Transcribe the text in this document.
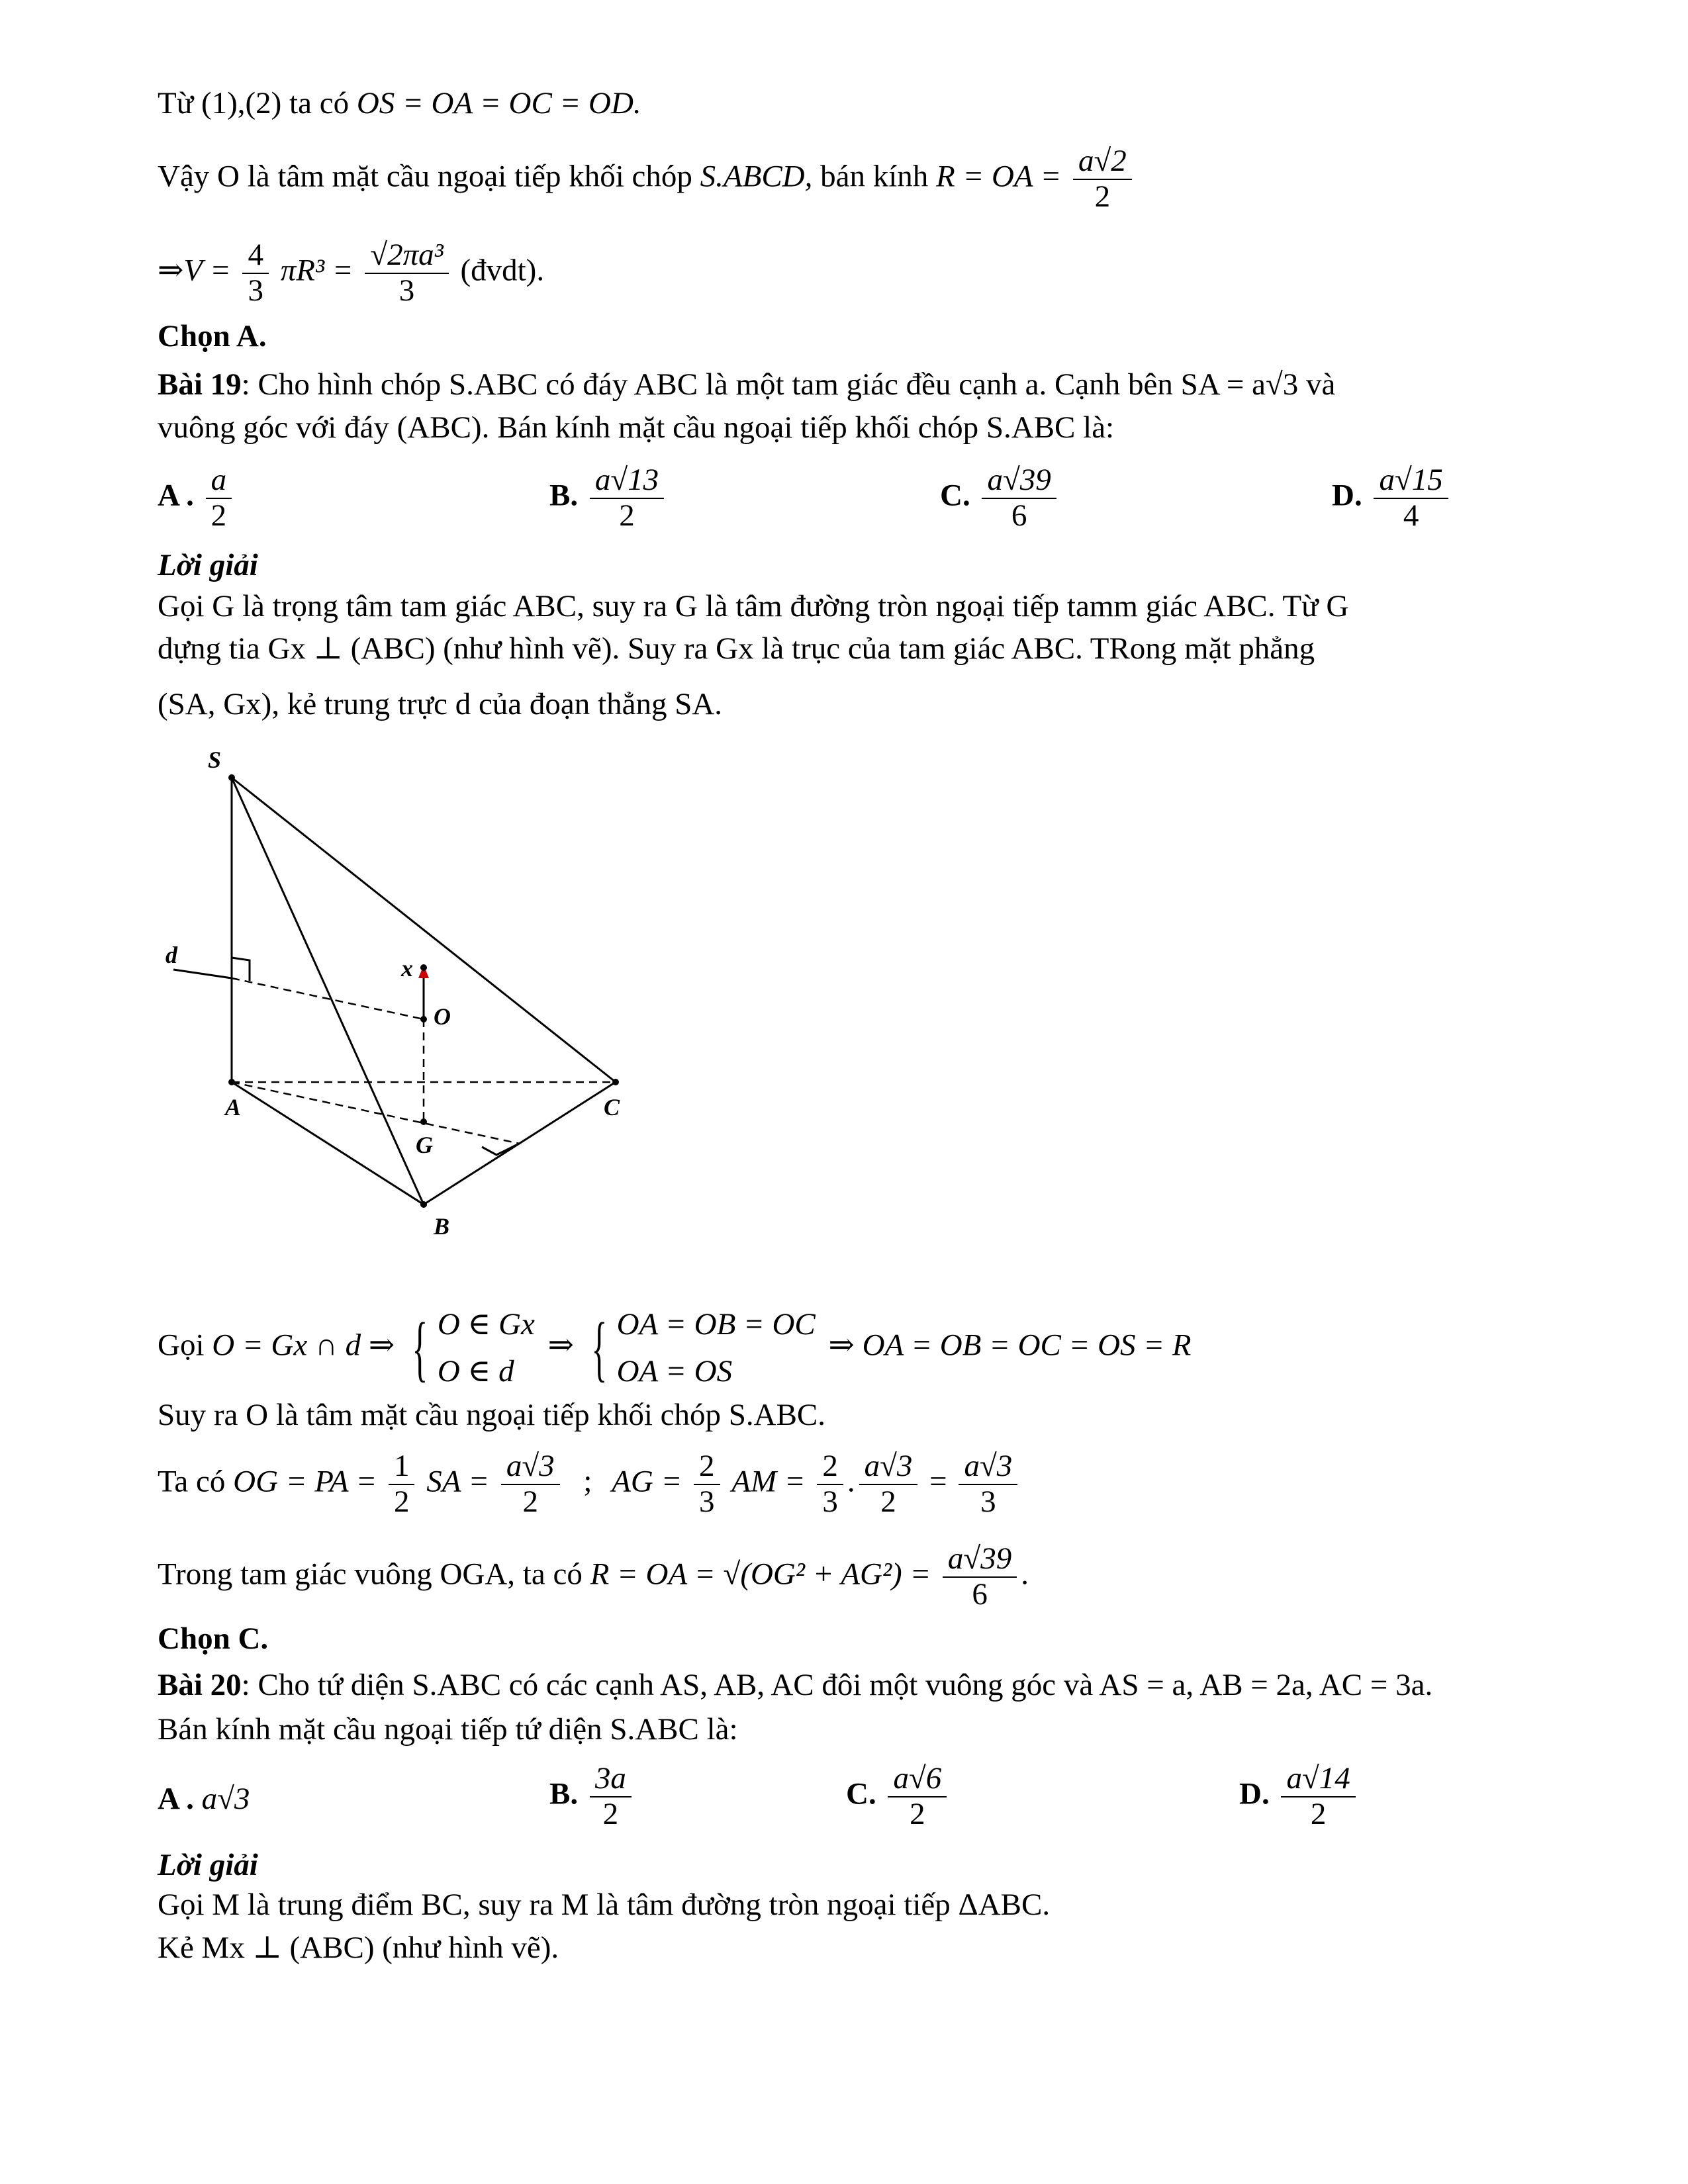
Từ (1),(2) ta có OS = OA = OC = OD.
Vậy O là tâm mặt cầu ngoại tiếp khối chóp S.ABCD, bán kính R = OA = $\frac{a√2}{2}$
⇒V = $\frac{4}{3} \pi R^3 = \frac{\text{√2πa³}}{3}$ (đvdt).
Chọn A.
Bài 19: Cho hình chóp S.ABC có đáy ABC là một tam giác đều cạnh a. Cạnh bên SA = a√3 và
vuông góc với đáy (ABC). Bán kính mặt cầu ngoại tiếp khối chóp S.ABC là:
A . $\frac{a}{2}$	B. $\frac{a√13}{2}$	C. $\frac{a√39}{6}$	D. $\frac{a√15}{4}$
Lời giải
Gọi G là trọng tâm tam giác ABC, suy ra G là tâm đường tròn ngoại tiếp tamm giác ABC. Từ G
dựng tia Gx ⊥ (ABC) (như hình vẽ). Suy ra Gx là trục của tam giác ABC. TRong mặt phẳng
(SA, Gx), kẻ trung trực d của đoạn thẳng SA.
S
d	x
O
A	C
G
B
Gọi O = Gx ∩ d ⇒ { O ∈ Gx
O ∈ d
⇒ { OA = OB = OC
OA = OS
⇒ OA = OB = OC = OS = R
Suy ra O là tâm mặt cầu ngoại tiếp khối chóp S.ABC.
Ta có OG = PA = $\frac{1}{2}$ SA = $\frac{a√3}{2}$ ; AG = $\frac{2}{3}$ AM = $\frac{2}{3}$ . $\frac{a√3}{2} = \frac{a√3}{3}$
Trong tam giác vuông OGA, ta có R = OA = $√(OG^2 + AG^2) = \frac{a√39}{6}$ .
Chọn C.
Bài 20: Cho tứ diện S.ABC có các cạnh AS, AB, AC đôi một vuông góc và AS = a, AB = 2a, AC = 3a.
Bán kính mặt cầu ngoại tiếp tứ diện S.ABC là:
A . a√3	B. $\frac{3a}{2}$	C. $\frac{a√6}{2}$	D. $\frac{a√14}{2}$
Lời giải
Gọi M là trung điểm BC, suy ra M là tâm đường tròn ngoại tiếp ΔABC.
Kẻ Mx ⊥ (ABC) (như hình vẽ).
